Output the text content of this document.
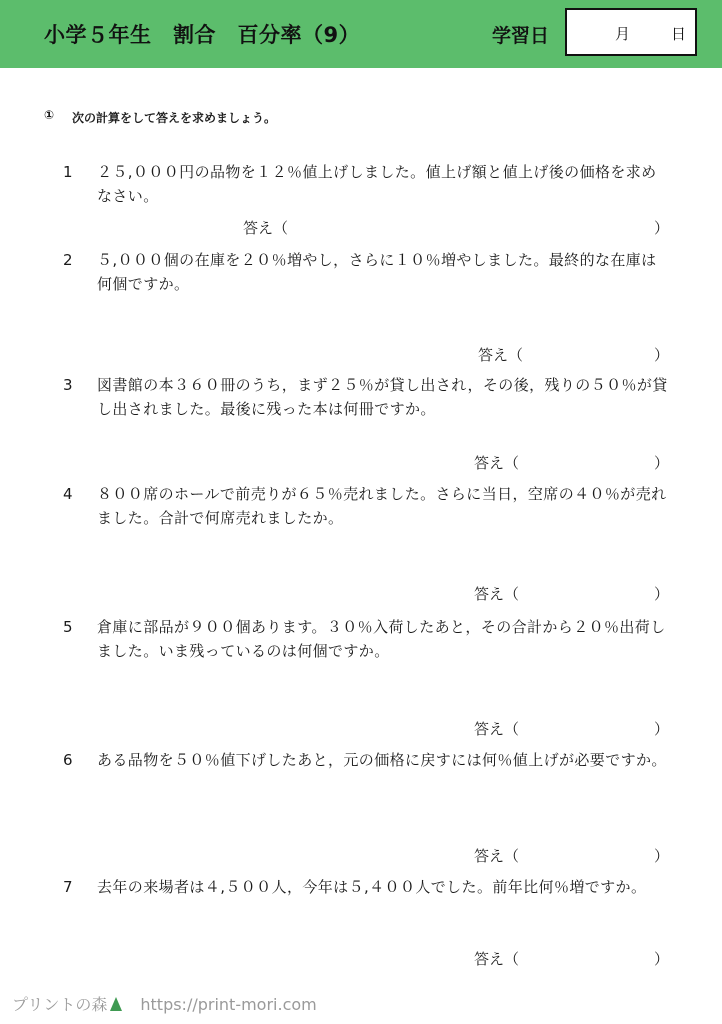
小学５年生　割合　百分率（9）	学習日	月	日
① 次の計算をして答えを求めましょう。
1 ２５,０００円の品物を１２％値上げしました。値上げ額と値上げ後の価格を求めなさい。
答え（	）
2 ５,０００個の在庫を２０％増やし，さらに１０％増やしました。最終的な在庫は何個ですか。
答え（	）
3 図書館の本３６０冊のうち，まず２５％が貸し出され，その後，残りの５０％が貸し出されました。最後に残った本は何冊ですか。
答え（	）
4 ８００席のホールで前売りが６５％売れました。さらに当日，空席の４０％が売れました。合計で何席売れましたか。
答え（	）
5 倉庫に部品が９００個あります。３０％入荷したあと，その合計から２０％出荷しました。いま残っているのは何個ですか。
答え（	）
6 ある品物を５０％値下げしたあと，元の価格に戻すには何％値上げが必要ですか。
答え（	）
7 去年の来場者は４,５００人，今年は５,４００人でした。前年比何％増ですか。
答え（	）
プリントの森 https://print-mori.com
